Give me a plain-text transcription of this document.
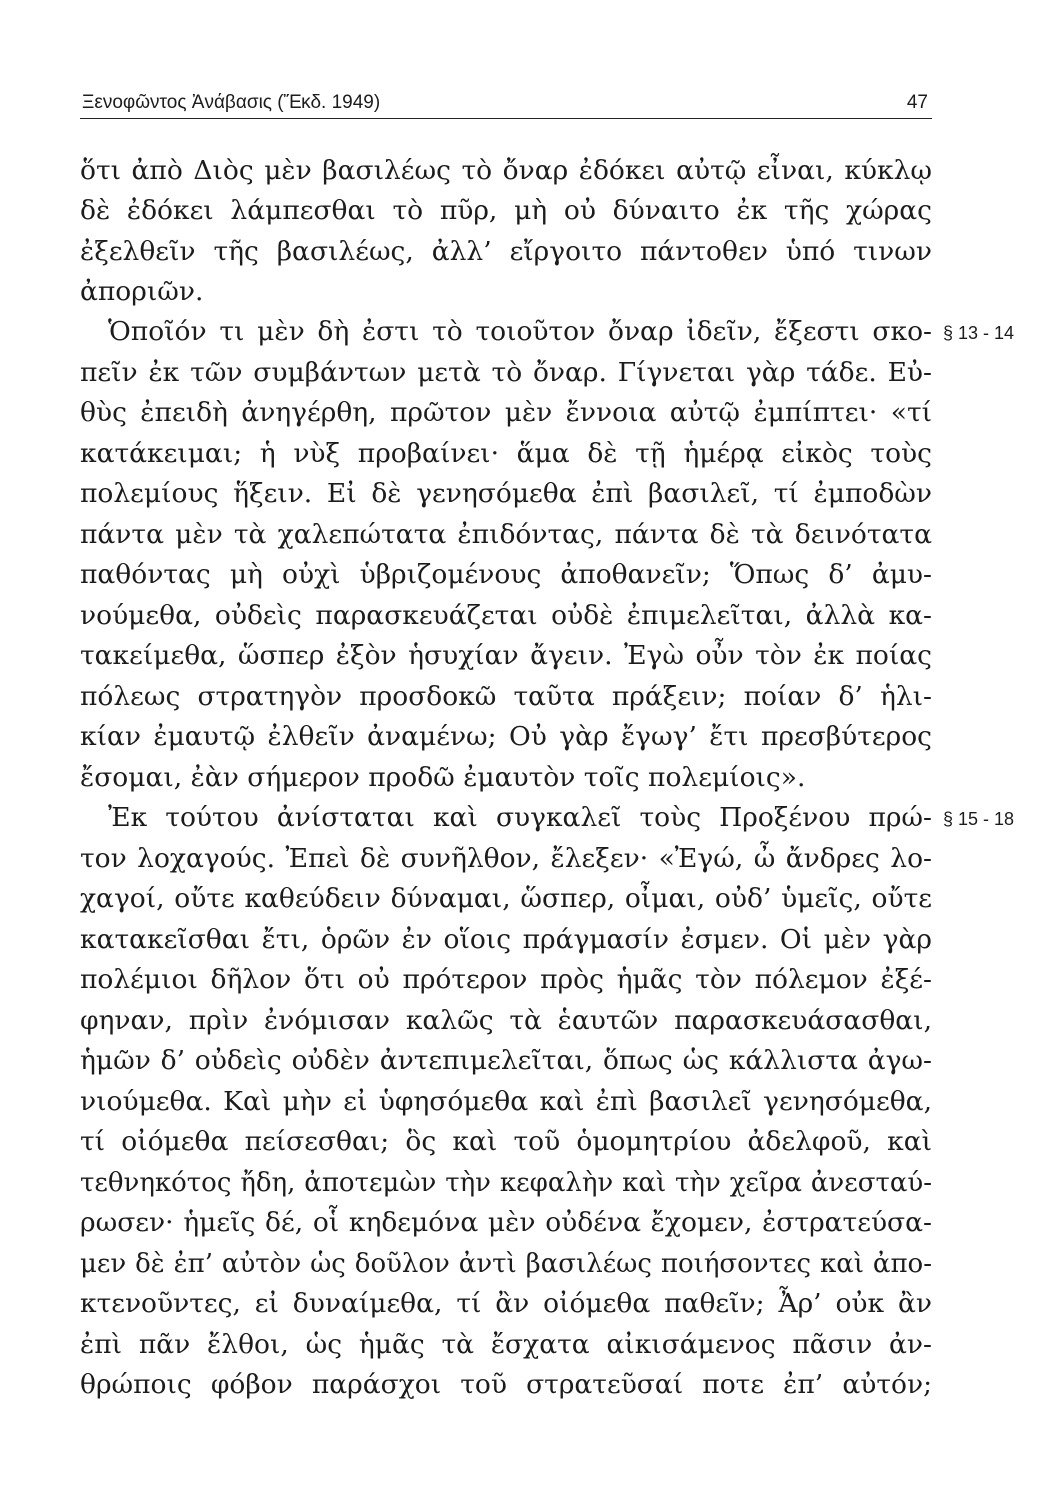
Ξενοφῶντος Ἀνάβασις (Ἔκδ. 1949)	47
ὅτι ἀπὸ Διὸς μὲν βασιλέως τὸ ὄναρ ἐδόκει αὐτῷ εἶναι, κύκλῳ
δὲ ἐδόκει λάμπεσθαι τὸ πῦρ, μὴ οὐ δύναιτο ἐκ τῆς χώρας
ἐξελθεῖν τῆς βασιλέως, ἀλλ’ εἴργοιτο πάντοθεν ὑπό τινων
ἀποριῶν.
Ὁποῖόν τι μὲν δὴ ἐστι τὸ τοιοῦτον ὄναρ ἰδεῖν, ἔξεστι σκο-
πεῖν ἐκ τῶν συμβάντων μετὰ τὸ ὄναρ. Γίγνεται γὰρ τάδε. Εὐ-
θὺς ἐπειδὴ ἀνηγέρθη, πρῶτον μὲν ἔννοια αὐτῷ ἐμπίπτει· «τί
κατάκειμαι; ἡ νὺξ προβαίνει· ἅμα δὲ τῇ ἡμέρᾳ εἰκὸς τοὺς
πολεμίους ἥξειν. Εἰ δὲ γενησόμεθα ἐπὶ βασιλεῖ, τί ἐμποδὼν
πάντα μὲν τὰ χαλεπώτατα ἐπιδόντας, πάντα δὲ τὰ δεινότατα
παθόντας μὴ οὐχὶ ὑβριζομένους ἀποθανεῖν; Ὅπως δ’ ἀμυ-
νούμεθα, οὐδεὶς παρασκευάζεται οὐδὲ ἐπιμελεῖται, ἀλλὰ κα-
τακείμεθα, ὥσπερ ἐξὸν ἡσυχίαν ἄγειν. Ἐγὼ οὖν τὸν ἐκ ποίας
πόλεως στρατηγὸν προσδοκῶ ταῦτα πράξειν; ποίαν δ’ ἡλι-
κίαν ἐμαυτῷ ἐλθεῖν ἀναμένω; Οὐ γὰρ ἔγωγ’ ἔτι πρεσβύτερος
ἔσομαι, ἐὰν σήμερον προδῶ ἐμαυτὸν τοῖς πολεμίοις».
Ἐκ τούτου ἀνίσταται καὶ συγκαλεῖ τοὺς Προξένου πρώ-
τον λοχαγούς. Ἐπεὶ δὲ συνῆλθον, ἔλεξεν· «Ἐγώ, ὦ ἄνδρες λο-
χαγοί, οὔτε καθεύδειν δύναμαι, ὥσπερ, οἶμαι, οὐδ’ ὑμεῖς, οὔτε
κατακεῖσθαι ἔτι, ὁρῶν ἐν οἵοις πράγμασίν ἐσμεν. Οἱ μὲν γὰρ
πολέμιοι δῆλον ὅτι οὐ πρότερον πρὸς ἡμᾶς τὸν πόλεμον ἐξέ-
φηναν, πρὶν ἐνόμισαν καλῶς τὰ ἑαυτῶν παρασκευάσασθαι,
ἡμῶν δ’ οὐδεὶς οὐδὲν ἀντεπιμελεῖται, ὅπως ὡς κάλλιστα ἀγω-
νιούμεθα. Καὶ μὴν εἰ ὑφησόμεθα καὶ ἐπὶ βασιλεῖ γενησόμεθα,
τί οἰόμεθα πείσεσθαι; ὃς καὶ τοῦ ὁμομητρίου ἀδελφοῦ, καὶ
τεθνηκότος ἤδη, ἀποτεμὼν τὴν κεφαλὴν καὶ τὴν χεῖρα ἀνεσταύ-
ρωσεν· ἡμεῖς δέ, οἷ κηδεμόνα μὲν οὐδένα ἔχομεν, ἐστρατεύσα-
μεν δὲ ἐπ’ αὐτὸν ὡς δοῦλον ἀντὶ βασιλέως ποιήσοντες καὶ ἀπο-
κτενοῦντες, εἰ δυναίμεθα, τί ἂν οἰόμεθα παθεῖν; Ἆρ’ οὐκ ἂν
ἐπὶ πᾶν ἔλθοι, ὡς ἡμᾶς τὰ ἔσχατα αἰκισάμενος πᾶσιν ἀν-
θρώποις φόβον παράσχοι τοῦ στρατεῦσαί ποτε ἐπ’ αὐτόν;
§ 13 - 14
§ 15 - 18
